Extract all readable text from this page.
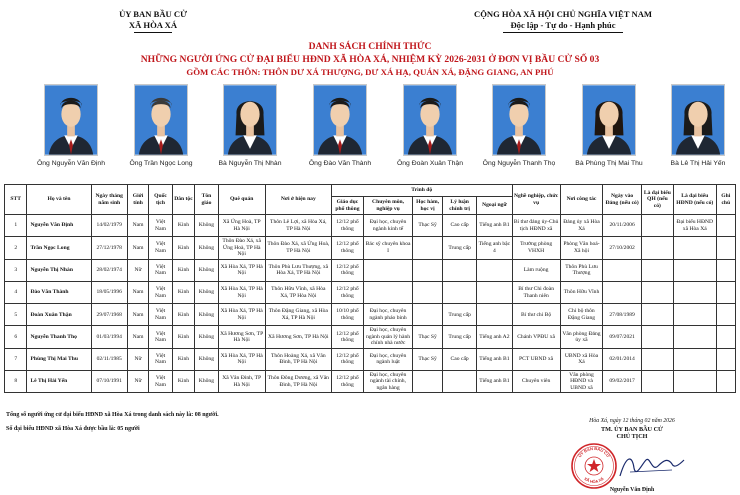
ỦY BAN BẦU CỬ
XÃ HÒA XÁ
CỘNG HÒA XÃ HỘI CHỦ NGHĨA VIỆT NAM
Độc lập - Tự do - Hạnh phúc
DANH SÁCH CHÍNH THỨC
NHỮNG NGƯỜI ỨNG CỬ ĐẠI BIỂU HĐND XÃ HÒA XÁ, NHIỆM KỲ 2026-2031 Ở ĐƠN VỊ BẦU CỬ SỐ 03
GỒM CÁC THÔN: THÔN DƯ XÁ THƯỢNG, DƯ XÁ HẠ, QUÁN XÁ, ĐẶNG GIANG, AN PHÚ
Ông Nguyễn Văn Định	Ông Trần Ngọc Long	Bà Nguyễn Thị Nhàn	Ông Đào Văn Thành	Ông Đoàn Xuân Thận	Ông Nguyễn Thanh Thọ	Bà Phùng Thị Mai Thu	Bà Lê Thị Hải Yến
STT	Họ và tên	Ngày tháng năm sinh	Giới tính	Quốc tịch	Dân tộc	Tôn giáo	Quê quán	Nơi ở hiện nay	Trình độ					Nghề nghiệp, chức vụ	Nơi công tác	Ngày vào Đảng (nếu có)	Là đại biểu QH (nếu có)	Là đại biểu HĐND (nếu có)	Ghi chú
									Giáo dục phổ thông	Chuyên môn, nghiệp vụ	Học hàm, học vị	Lý luận chính trị	Ngoại ngữ						
1	Nguyễn Văn Định	14/02/1979	Nam	Việt Nam	Kinh	Không	Xã Ứng Hoà, TP Hà Nội	Thôn Lê Lợi, xã Hòa Xá, TP Hà Nội	12/12 phổ thông	Đại học, chuyên ngành kinh tế	Thạc Sỹ	Cao cấp	Tiếng anh B1	Bí thư đảng ủy-Chủ tịch HĐND xã	Đảng ủy xã Hòa Xá	20/11/2006		Đại biểu HĐND xã Hòa Xá	
2	Trần Ngọc Long	27/12/1978	Nam	Việt Nam	Kinh	Không	Thôn Đào Xá, xã Ứng Hoà, TP Hà Nội	Thôn Đào Xá, xã Ứng Hoà, TP Hà Nội	12/12 phổ thông	Bác sỹ chuyên khoa I		Trung cấp	Tiếng anh bậc 4	Trưởng phòng VHXH	Phòng Văn hoá- Xã hội	27/10/2002			
3	Nguyễn Thị Nhàn	28/02/1974	Nữ	Việt Nam	Kinh	Không	Xã Hòa Xá, TP Hà Nội	Thôn Phù Lưu Thượng, xã Hòa Xá, TP Hà Nội	12/12 phổ thông					Làm ruộng	Thôn Phù Lưu Thượng				
4	Đào Văn Thành	18/05/1996	Nam	Việt Nam	Kinh	Không	Xã Hòa Xá, TP Hà Nội	Thôn Hữu Vĩnh, xã Hòa Xá, TP Hòa Nội	12/12 phổ thông					Bí thư Chi đoàn Thanh niên	Thôn Hữu Vĩnh				
5	Đoàn Xuân Thận	29/07/1968	Nam	Việt Nam	Kinh	Không	Xã Hòa Xá, TP Hà Nội	Thôn Đặng Giang, xã Hòa Xá, TP Hà Nội	10/10 phổ thông	Đại học, chuyên ngành pháo binh		Trung cấp		Bí thư chi Bộ	Chi bộ thôn Đặng Giang	27/08/1989			
6	Nguyễn Thanh Thọ	01/03/1994	Nam	Việt Nam	Kinh	Không	Xã Hương Sơn, TP Hà Nội	Xã Hương Sơn, TP Hà Nội	12/12 phổ thông	Đại học, chuyên ngành quản lý hành chính nhà nước	Thạc Sỹ	Trung cấp	Tiếng anh A2	Chánh VPĐU xã	Văn phòng Đảng ủy xã	09/07/2021			
7	Phùng Thị Mai Thu	02/11/1985	Nữ	Việt Nam	Kinh	Không	Xã Hòa Xá, TP Hà Nội	Thôn Hoàng Xá, xã Vân Đình, TP Hà Nội	12/12 phổ thông	Đại học, chuyên ngành luật	Thạc Sỹ	Cao cấp	Tiếng anh B1	PCT UBND xã	UBND xã Hòa Xá	02/01/2014			
8	Lê Thị Hải Yến	07/10/1991	Nữ	Việt Nam	Kinh	Không	Xã Vân Đình, TP Hà Nội	Thôn Đông Dương, xã Vân Đình, TP Hà Nội	12/12 phổ thông	Đại học, chuyên ngành tài chính, ngân hàng			Tiếng anh B1	Chuyên viên	Văn phòng HĐND và UBND xã	09/02/2017			
Tổng số người ứng cử đại biểu HĐND xã Hòa Xá trong danh sách này là: 08 người.
Số đại biểu HĐND xã Hòa Xá được bầu là: 05 người
Hòa Xá, ngày 12 tháng 02 năm 2026
TM. ỦY BAN BẦU CỬ
CHỦ TỊCH
ỦY BAN BẦU CỬ
XÃ HÒA XÁ
Nguyễn Văn Định
